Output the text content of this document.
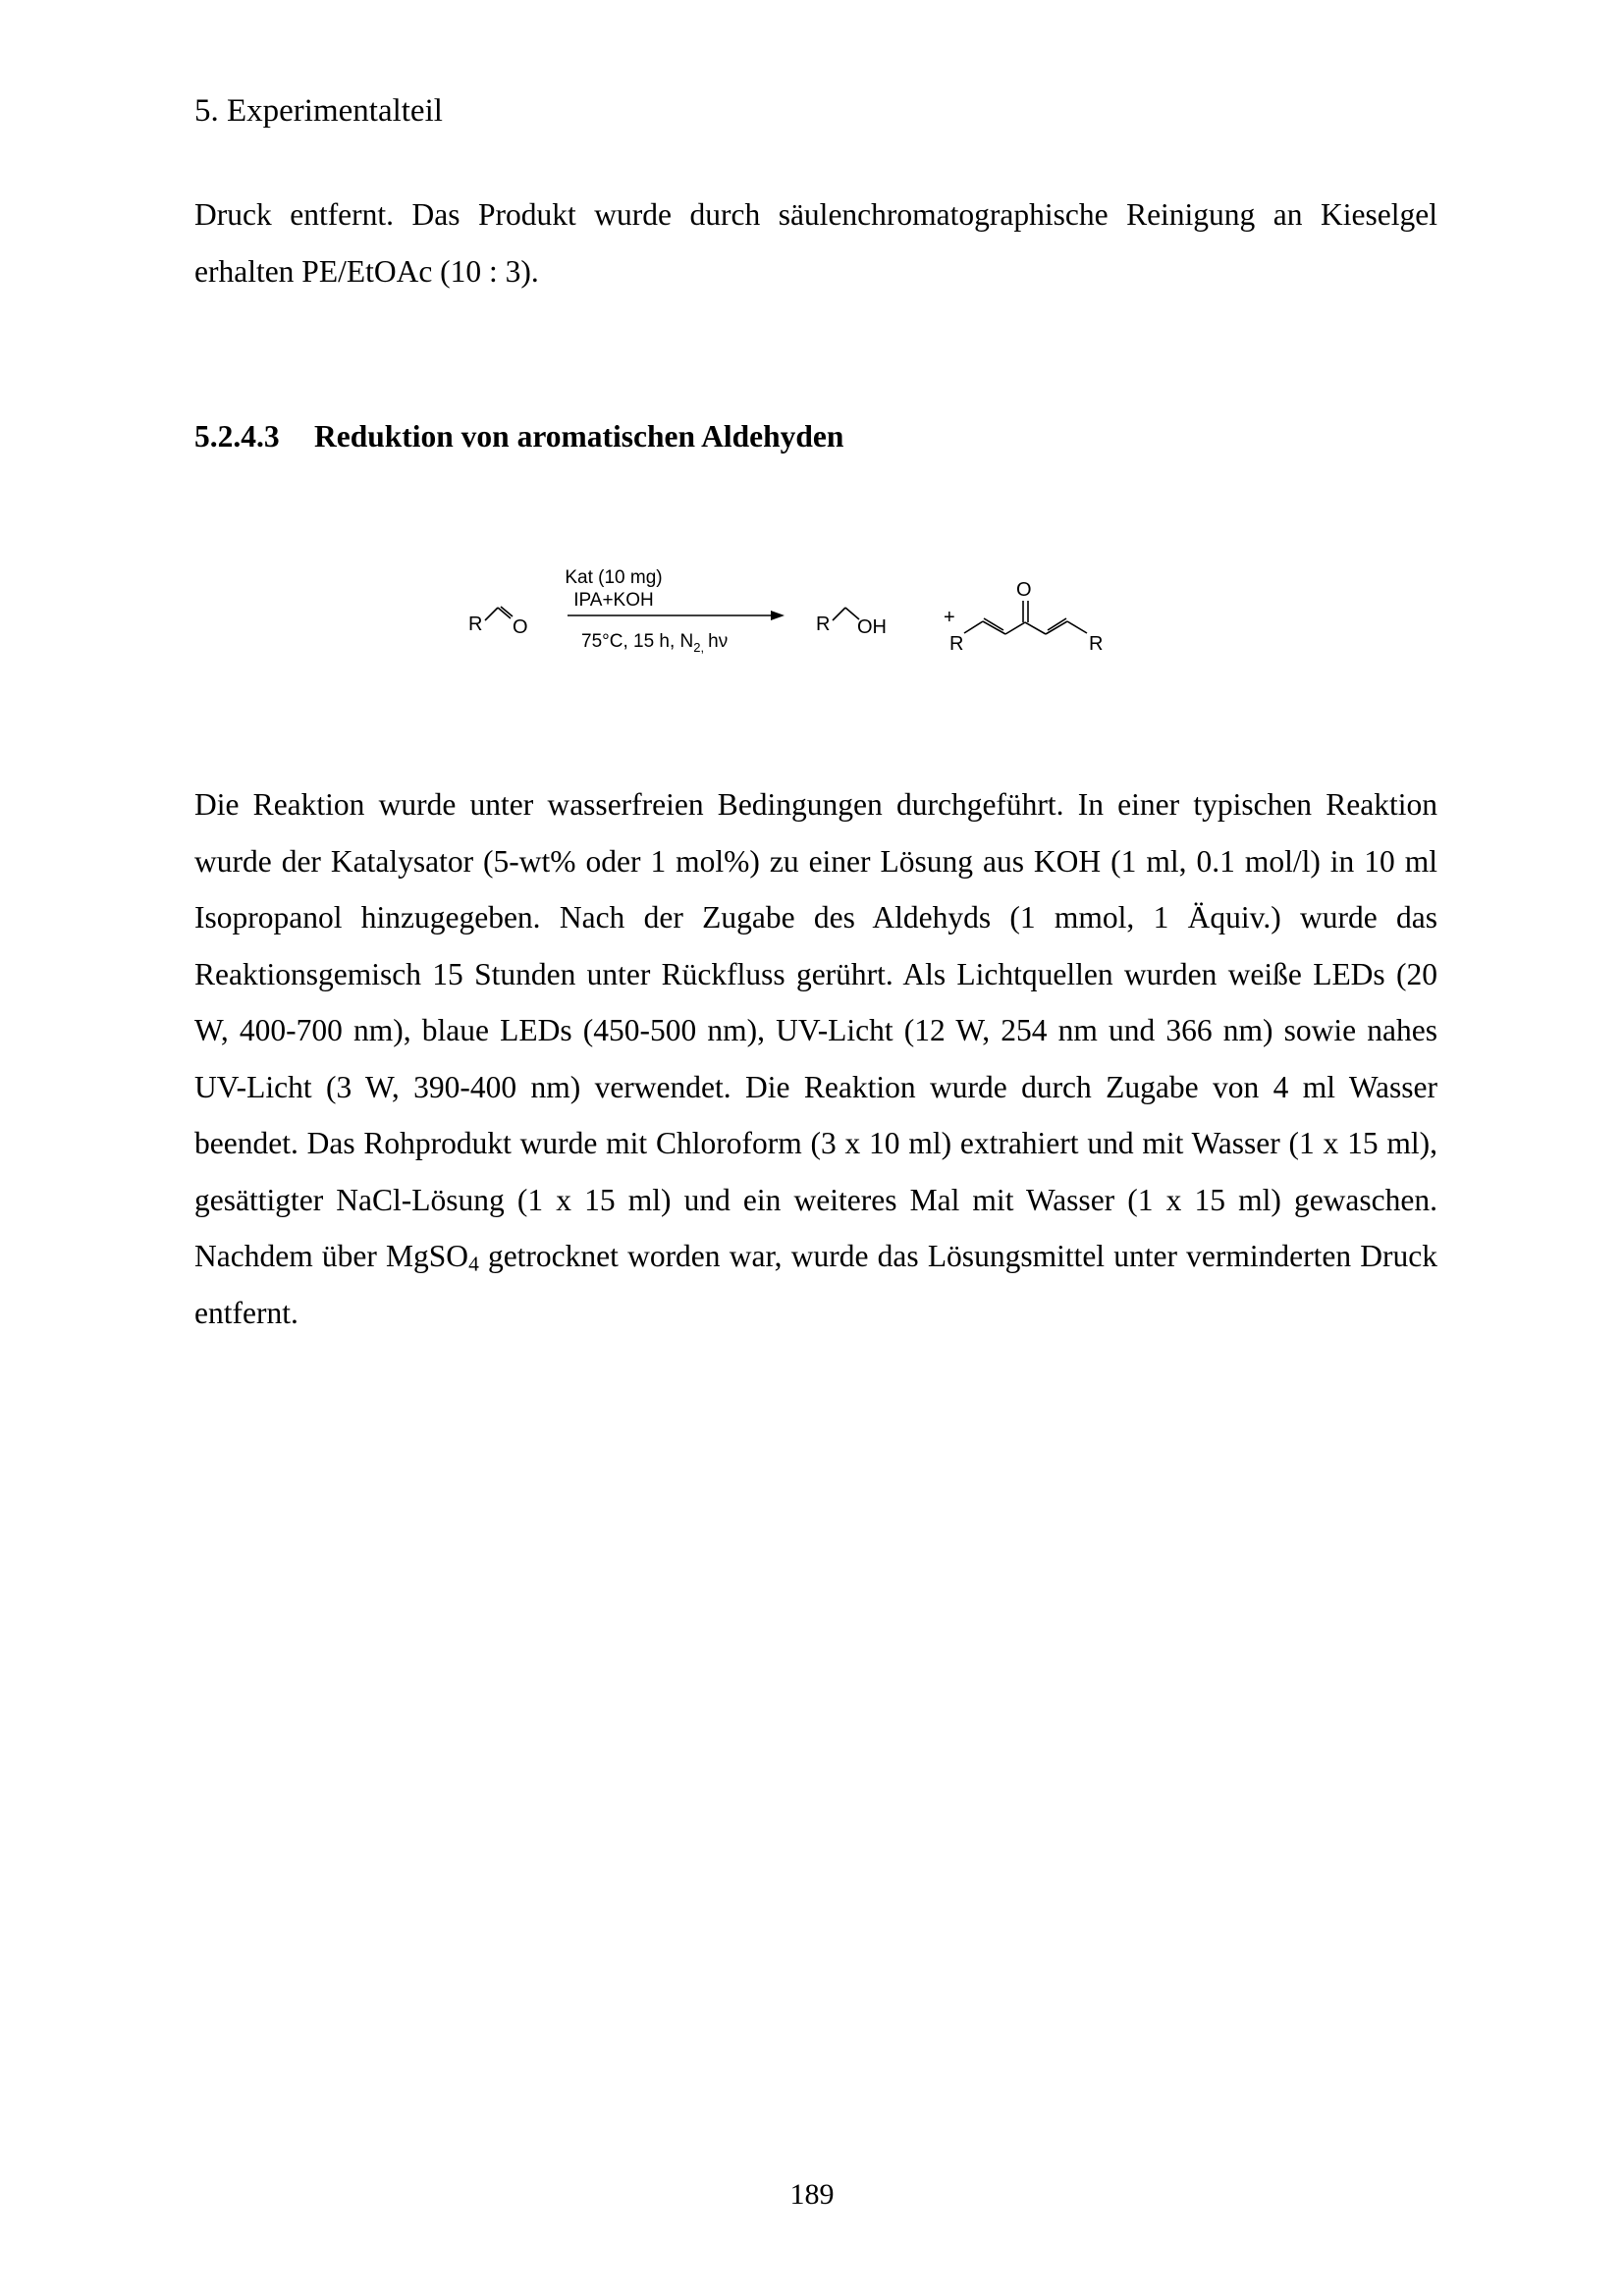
5. Experimentalteil

Druck entfernt. Das Produkt wurde durch säulenchromatographische Reinigung an Kieselgel erhalten PE/EtOAc (10 : 3).

5.2.4.3 Reduktion von aromatischen Aldehyden
R O
Kat (10 mg)
IPA+KOH
75°C, 15 h, $N_{2,}$ hν
R OH	+
O
R	R

Die Reaktion wurde unter wasserfreien Bedingungen durchgeführt. In einer typischen Reaktion wurde der Katalysator (5-wt% oder 1 mol%) zu einer Lösung aus KOH (1 ml, 0.1 mol/l) in 10 ml Isopropanol hinzugegeben. Nach der Zugabe des Aldehyds (1 mmol, 1 Äquiv.) wurde das Reaktionsgemisch 15 Stunden unter Rückfluss gerührt. Als Lichtquellen wurden weiße LEDs (20 W, 400-700 nm), blaue LEDs (450-500 nm), UV-Licht (12 W, 254 nm und 366 nm) sowie nahes UV-Licht (3 W, 390-400 nm) verwendet. Die Reaktion wurde durch Zugabe von 4 ml Wasser beendet. Das Rohprodukt wurde mit Chloroform (3 x 10 ml) extrahiert und mit Wasser (1 x 15 ml), gesättigter NaCl-Lösung (1 x 15 ml) und ein weiteres Mal mit Wasser (1 x 15 ml) gewaschen. Nachdem über MgSO$_4$ getrocknet worden war, wurde das Lösungsmittel unter verminderten Druck entfernt.

189
